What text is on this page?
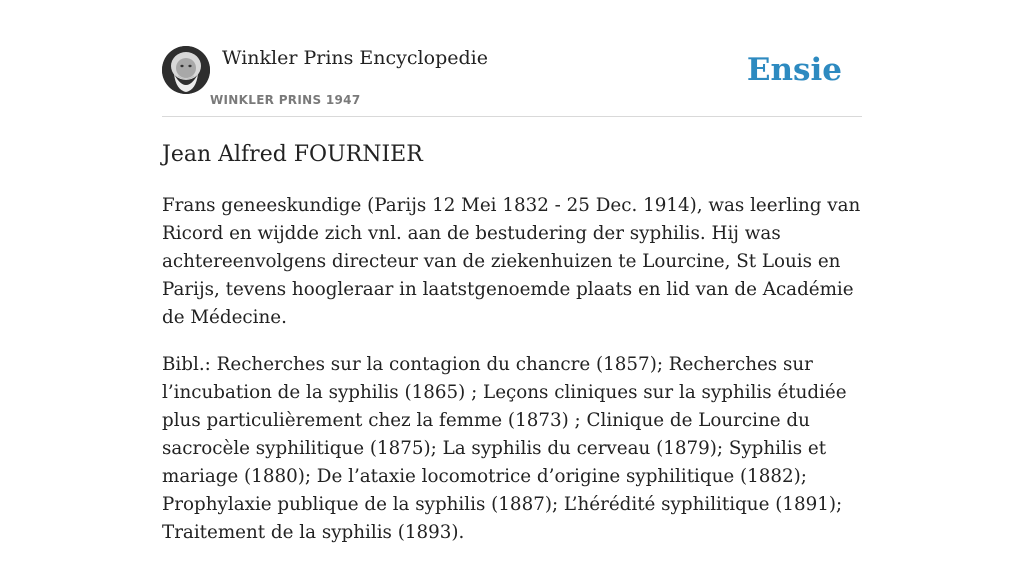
Winkler Prins Encyclopedie
WINKLER PRINS 1947
Ensie
Jean Alfred FOURNIER

Frans geneeskundige (Parijs 12 Mei 1832 - 25 Dec. 1914), was leerling van Ricord en wijdde zich vnl. aan de bestudering der syphilis. Hij was achtereenvolgens directeur van de ziekenhuizen te Lourcine, St Louis en Parijs, tevens hoogleraar in laatstgenoemde plaats en lid van de Académie de Médecine.

Bibl.: Recherches sur la contagion du chancre (1857); Recherches sur l’incubation de la syphilis (1865) ; Leçons cliniques sur la syphilis étudiée plus particulièrement chez la femme (1873) ; Clinique de Lourcine du sacrocèle syphilitique (1875); La syphilis du cerveau (1879); Syphilis et mariage (1880); De l’ataxie locomotrice d’origine syphilitique (1882); Prophylaxie publique de la syphilis (1887); L’hérédité syphilitique (1891); Traitement de la syphilis (1893).
